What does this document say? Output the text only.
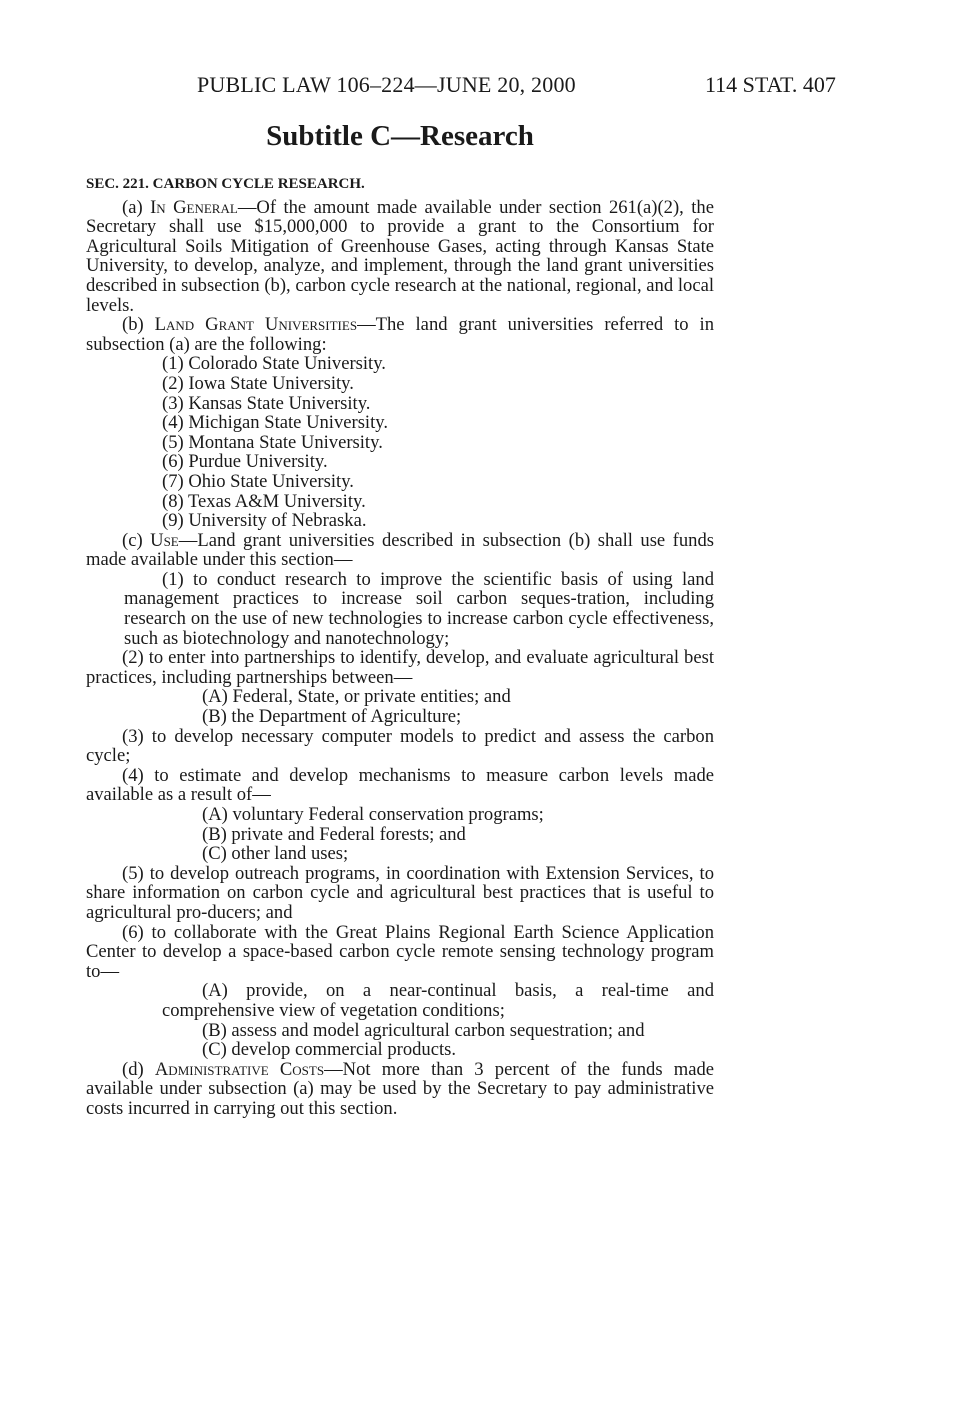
PUBLIC LAW 106–224—JUNE 20, 2000	114 STAT. 407
Subtitle C—Research
SEC. 221. CARBON CYCLE RESEARCH.

(a) In General—Of the amount made available under section 261(a)(2), the Secretary shall use $15,000,000 to provide a grant to the Consortium for Agricultural Soils Mitigation of Greenhouse Gases, acting through Kansas State University, to develop, analyze, and implement, through the land grant universities described in subsection (b), carbon cycle research at the national, regional, and local levels.

(b) Land Grant Universities—The land grant universities referred to in subsection (a) are the following:

(1) Colorado State University.
(2) Iowa State University.
(3) Kansas State University.
(4) Michigan State University.
(5) Montana State University.
(6) Purdue University.
(7) Ohio State University.
(8) Texas A&M University.
(9) University of Nebraska.

(c) Use—Land grant universities described in subsection (b) shall use funds made available under this section—

(1) to conduct research to improve the scientific basis of using land management practices to increase soil carbon seques-tration, including research on the use of new technologies to increase carbon cycle effectiveness, such as biotechnology and nanotechnology;

(2) to enter into partnerships to identify, develop, and evaluate agricultural best practices, including partnerships between—

(A) Federal, State, or private entities; and
(B) the Department of Agriculture;

(3) to develop necessary computer models to predict and assess the carbon cycle;

(4) to estimate and develop mechanisms to measure carbon levels made available as a result of—

(A) voluntary Federal conservation programs;
(B) private and Federal forests; and
(C) other land uses;

(5) to develop outreach programs, in coordination with Extension Services, to share information on carbon cycle and agricultural best practices that is useful to agricultural pro-ducers; and

(6) to collaborate with the Great Plains Regional Earth Science Application Center to develop a space-based carbon cycle remote sensing technology program to—

(A) provide, on a near-continual basis, a real-time and comprehensive view of vegetation conditions;

(B) assess and model agricultural carbon sequestration; and

(C) develop commercial products.

(d) Administrative Costs—Not more than 3 percent of the funds made available under subsection (a) may be used by the Secretary to pay administrative costs incurred in carrying out this section.
